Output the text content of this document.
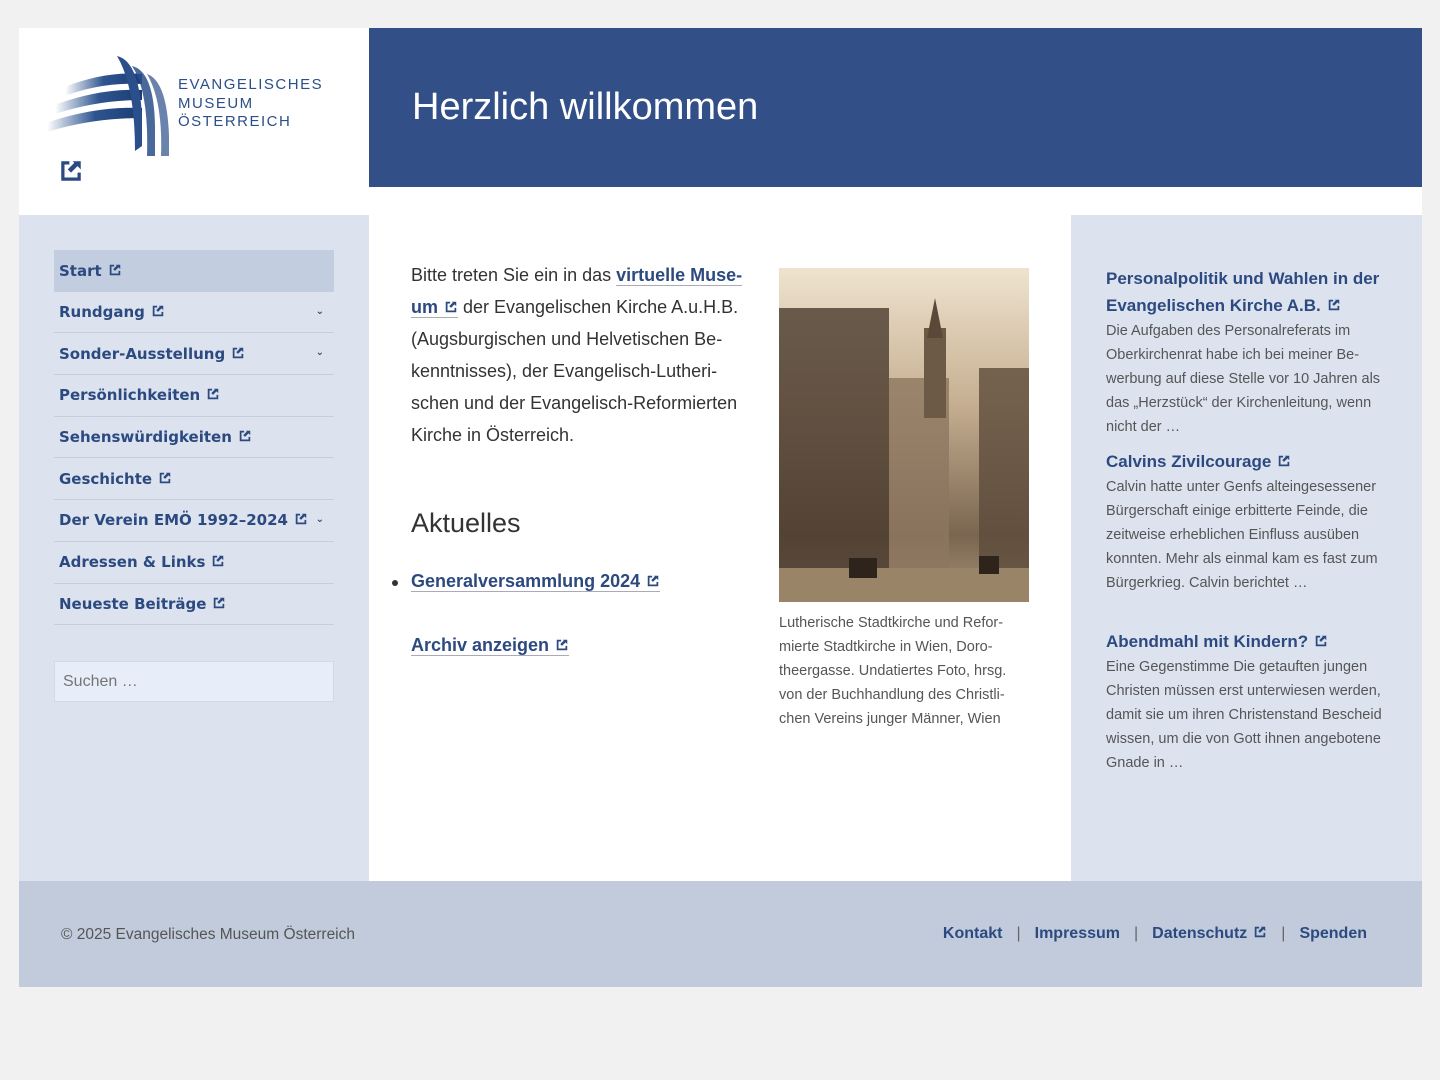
EVANGELISCHES
MUSEUM
ÖSTERREICH	Herzlich willkommen
Start
Rundgang	⌄
Sonder-Ausstellung	⌄
Persönlichkeiten
Sehenswürdigkeiten
Geschichte
Der Verein EMÖ 1992–2024	⌄
Adressen & Links
Neueste Beiträge
Suchen …

Bitte treten Sie ein in das virtuelle Museum der Evangelischen Kirche A.u.H.B. (Augsburgischen und Helvetischen Bekenntnisses), der Evangelisch-Lutherischen und der Evangelisch-Reformierten Kirche in Österreich.

Aktuelles
Generalversammlung 2024
Archiv anzeigen

Lutherische Stadtkirche und Reformierte Stadtkirche in Wien, Dorotheergasse. Undatiertes Foto, hrsg. von der Buchhandlung des Christlichen Vereins junger Männer, Wien

Personalpolitik und Wahlen in der Evangelischen Kirche A.B.

Die Aufgaben des Personalreferats im Oberkirchenrat habe ich bei meiner Bewerbung auf diese Stelle vor 10 Jahren als das „Herzstück“ der Kirchenleitung, wenn nicht der …

Calvins Zivilcourage

Calvin hatte unter Genfs alteingesessener Bürgerschaft einige erbitterte Feinde, die zeitweise erheblichen Einfluss ausüben konnten. Mehr als einmal kam es fast zum Bürgerkrieg. Calvin berichtet …

Abendmahl mit Kindern?

Eine Gegenstimme Die getauften jungen Christen müssen erst unterwiesen werden, damit sie um ihren Christenstand Bescheid wissen, um die von Gott ihnen angebotene Gnade in …

© 2025 Evangelisches Museum Österreich	Kontakt | Impressum | Datenschutz	| Spenden
